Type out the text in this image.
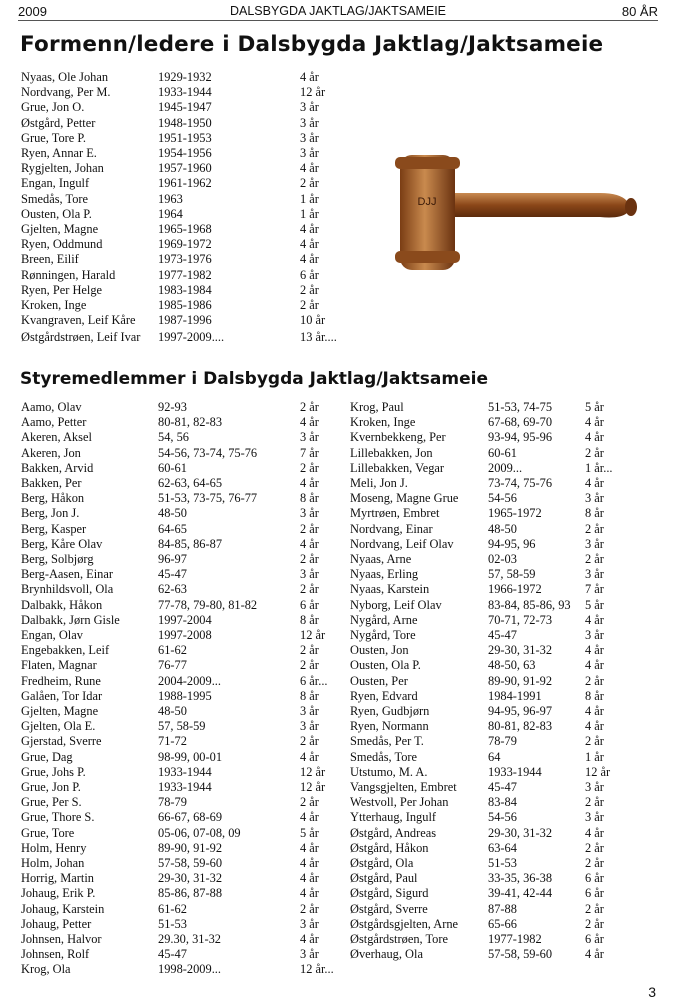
2009	DALSBYGDA JAKTLAG/JAKTSAMEIE	80 ÅR
Formenn/ledere i Dalsbygda Jaktlag/Jaktsameie
Nyaas, Ole Johan	1929-1932	4 år
Nordvang, Per M.	1933-1944	12 år
Grue, Jon O.	1945-1947	3 år
Østgård, Petter	1948-1950	3 år
Grue, Tore P.	1951-1953	3 år
Ryen, Annar E.	1954-1956	3 år
Rygjelten, Johan	1957-1960	4 år
Engan, Ingulf	1961-1962	2 år
Smedås, Tore	1963	1 år
Ousten, Ola P.	1964	1 år
Gjelten, Magne	1965-1968	4 år
Ryen, Oddmund	1969-1972	4 år
Breen, Eilif	1973-1976	4 år
Rønningen, Harald	1977-1982	6 år
Ryen, Per Helge	1983-1984	2 år
Kroken, Inge	1985-1986	2 år
Kvangraven, Leif Kåre 1987-1996	10 år
Østgårdstrøen, Leif Ivar 1997-2009....	13 år....
DJJ
Styremedlemmer i Dalsbygda Jaktlag/Jaktsameie
Aamo, Olav	92-93	2 år
Aamo, Petter	80-81, 82-83	4 år
Akeren, Aksel	54, 56	3 år
Akeren, Jon	54-56, 73-74, 75-76	7 år
Bakken, Arvid	60-61	2 år
Bakken, Per	62-63, 64-65	4 år
Berg, Håkon	51-53, 73-75, 76-77	8 år
Berg, Jon J.	48-50	3 år
Berg, Kasper	64-65	2 år
Berg, Kåre Olav	84-85, 86-87	4 år
Berg, Solbjørg	96-97	2 år
Berg-Aasen, Einar	45-47	3 år
Brynhildsvoll, Ola	62-63	2 år
Dalbakk, Håkon	77-78, 79-80, 81-82	6 år
Dalbakk, Jørn Gisle	1997-2004	8 år
Engan, Olav	1997-2008	12 år
Engebakken, Leif	61-62	2 år
Flaten, Magnar	76-77	2 år
Fredheim, Rune	2004-2009...	6 år...
Galåen, Tor Idar	1988-1995	8 år
Gjelten, Magne	48-50	3 år
Gjelten, Ola E.	57, 58-59	3 år
Gjerstad, Sverre	71-72	2 år
Grue, Dag	98-99, 00-01	4 år
Grue, Johs P.	1933-1944	12 år
Grue, Jon P.	1933-1944	12 år
Grue, Per S.	78-79	2 år
Grue, Thore S.	66-67, 68-69	4 år
Grue, Tore	05-06, 07-08, 09	5 år
Holm, Henry	89-90, 91-92	4 år
Holm, Johan	57-58, 59-60	4 år
Horrig, Martin	29-30, 31-32	4 år
Johaug, Erik P.	85-86, 87-88	4 år
Johaug, Karstein	61-62	2 år
Johaug, Petter	51-53	3 år
Johnsen, Halvor	29.30, 31-32	4 år
Johnsen, Rolf	45-47	3 år
Krog, Ola	1998-2009...	12 år...
Krog, Paul	51-53, 74-75	5 år
Kroken, Inge	67-68, 69-70	4 år
Kvernbekkeng, Per	93-94, 95-96	4 år
Lillebakken, Jon	60-61	2 år
Lillebakken, Vegar	2009...	1 år...
Meli, Jon J.	73-74, 75-76	4 år
Moseng, Magne Grue 54-56	3 år
Myrtrøen, Embret	1965-1972	8 år
Nordvang, Einar	48-50	2 år
Nordvang, Leif Olav	94-95, 96	3 år
Nyaas, Arne	02-03	2 år
Nyaas, Erling	57, 58-59	3 år
Nyaas, Karstein	1966-1972	7 år
Nyborg, Leif Olav	83-84, 85-86, 93 5 år
Nygård, Arne	70-71, 72-73	4 år
Nygård, Tore	45-47	3 år
Ousten, Jon	29-30, 31-32	4 år
Ousten, Ola P.	48-50, 63	4 år
Ousten, Per	89-90, 91-92	2 år
Ryen, Edvard	1984-1991	8 år
Ryen, Gudbjørn	94-95, 96-97	4 år
Ryen, Normann	80-81, 82-83	4 år
Smedås, Per T.	78-79	2 år
Smedås, Tore	64	1 år
Utstumo, M. A.	1933-1944	12 år
Vangsgjelten, Embret	45-47	3 år
Westvoll, Per Johan	83-84	2 år
Ytterhaug, Ingulf	54-56	3 år
Østgård, Andreas	29-30, 31-32	4 år
Østgård, Håkon	63-64	2 år
Østgård, Ola	51-53	2 år
Østgård, Paul	33-35, 36-38	6 år
Østgård, Sigurd	39-41, 42-44	6 år
Østgård, Sverre	87-88	2 år
Østgårdsgjelten, Arne 65-66	2 år
Østgårdstrøen, Tore	1977-1982	6 år
Øverhaug, Ola	57-58, 59-60	4 år
3
